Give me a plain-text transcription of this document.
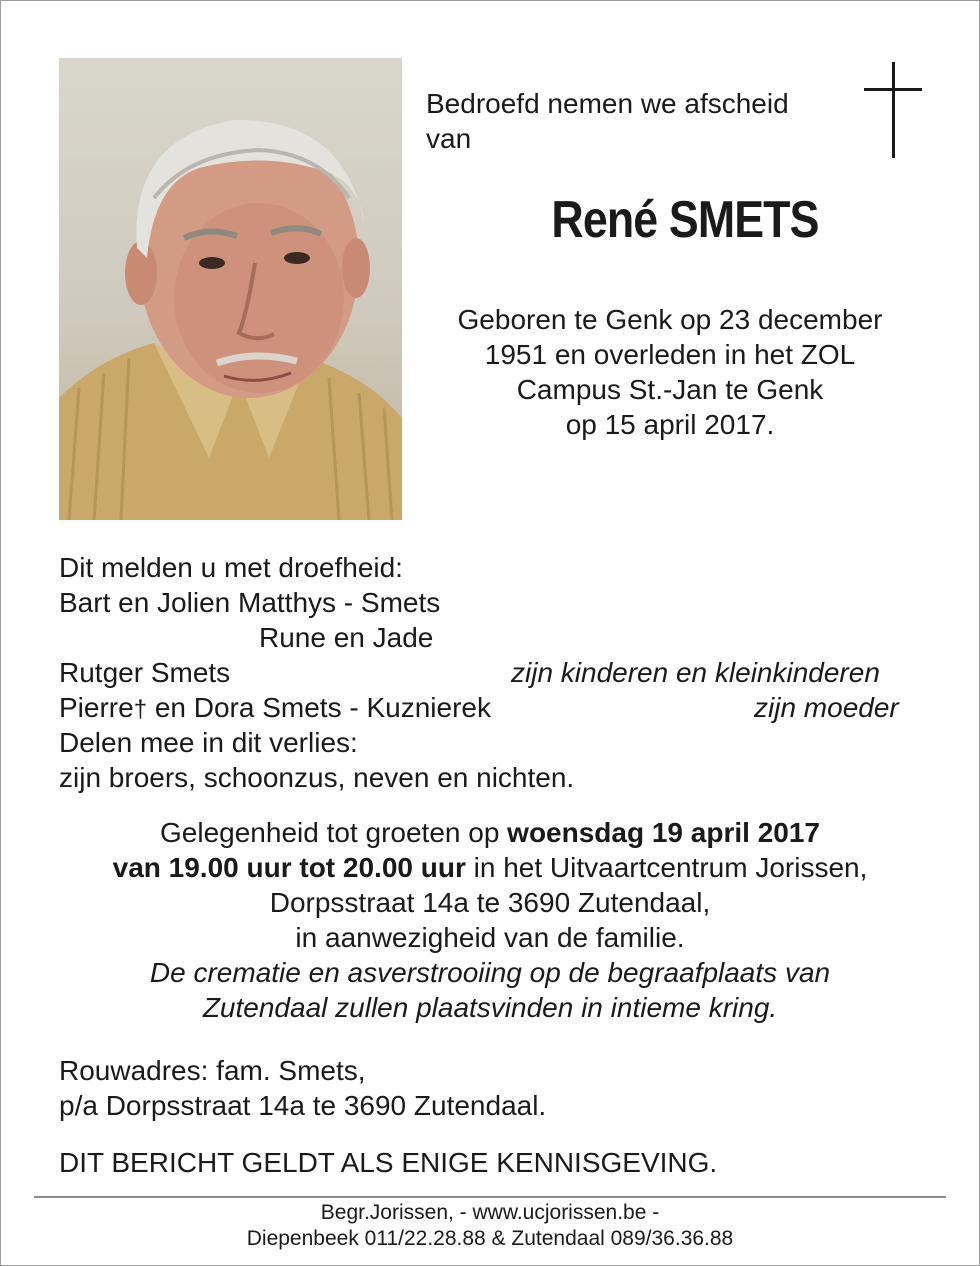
Bedroefd nemen we afscheid
van
René SMETS
Geboren te Genk op 23 december
1951 en overleden in het ZOL
Campus St.-Jan te Genk
op 15 april 2017.
Dit melden u met droefheid:
Bart en Jolien Matthys - Smets
Rune en Jade
Rutger Smets	zijn kinderen en kleinkinderen
Pierre† en Dora Smets - Kuznierek	zijn moeder
Delen mee in dit verlies:
zijn broers, schoonzus, neven en nichten.
Gelegenheid tot groeten op woensdag 19 april 2017
van 19.00 uur tot 20.00 uur in het Uitvaartcentrum Jorissen,
Dorpsstraat 14a te 3690 Zutendaal,
in aanwezigheid van de familie.
De crematie en asverstrooiing op de begraafplaats van
Zutendaal zullen plaatsvinden in intieme kring.
Rouwadres: fam. Smets,
p/a Dorpsstraat 14a te 3690 Zutendaal.
DIT BERICHT GELDT ALS ENIGE KENNISGEVING.
Begr.Jorissen, - www.ucjorissen.be -
Diepenbeek 011/22.28.88 & Zutendaal 089/36.36.88
